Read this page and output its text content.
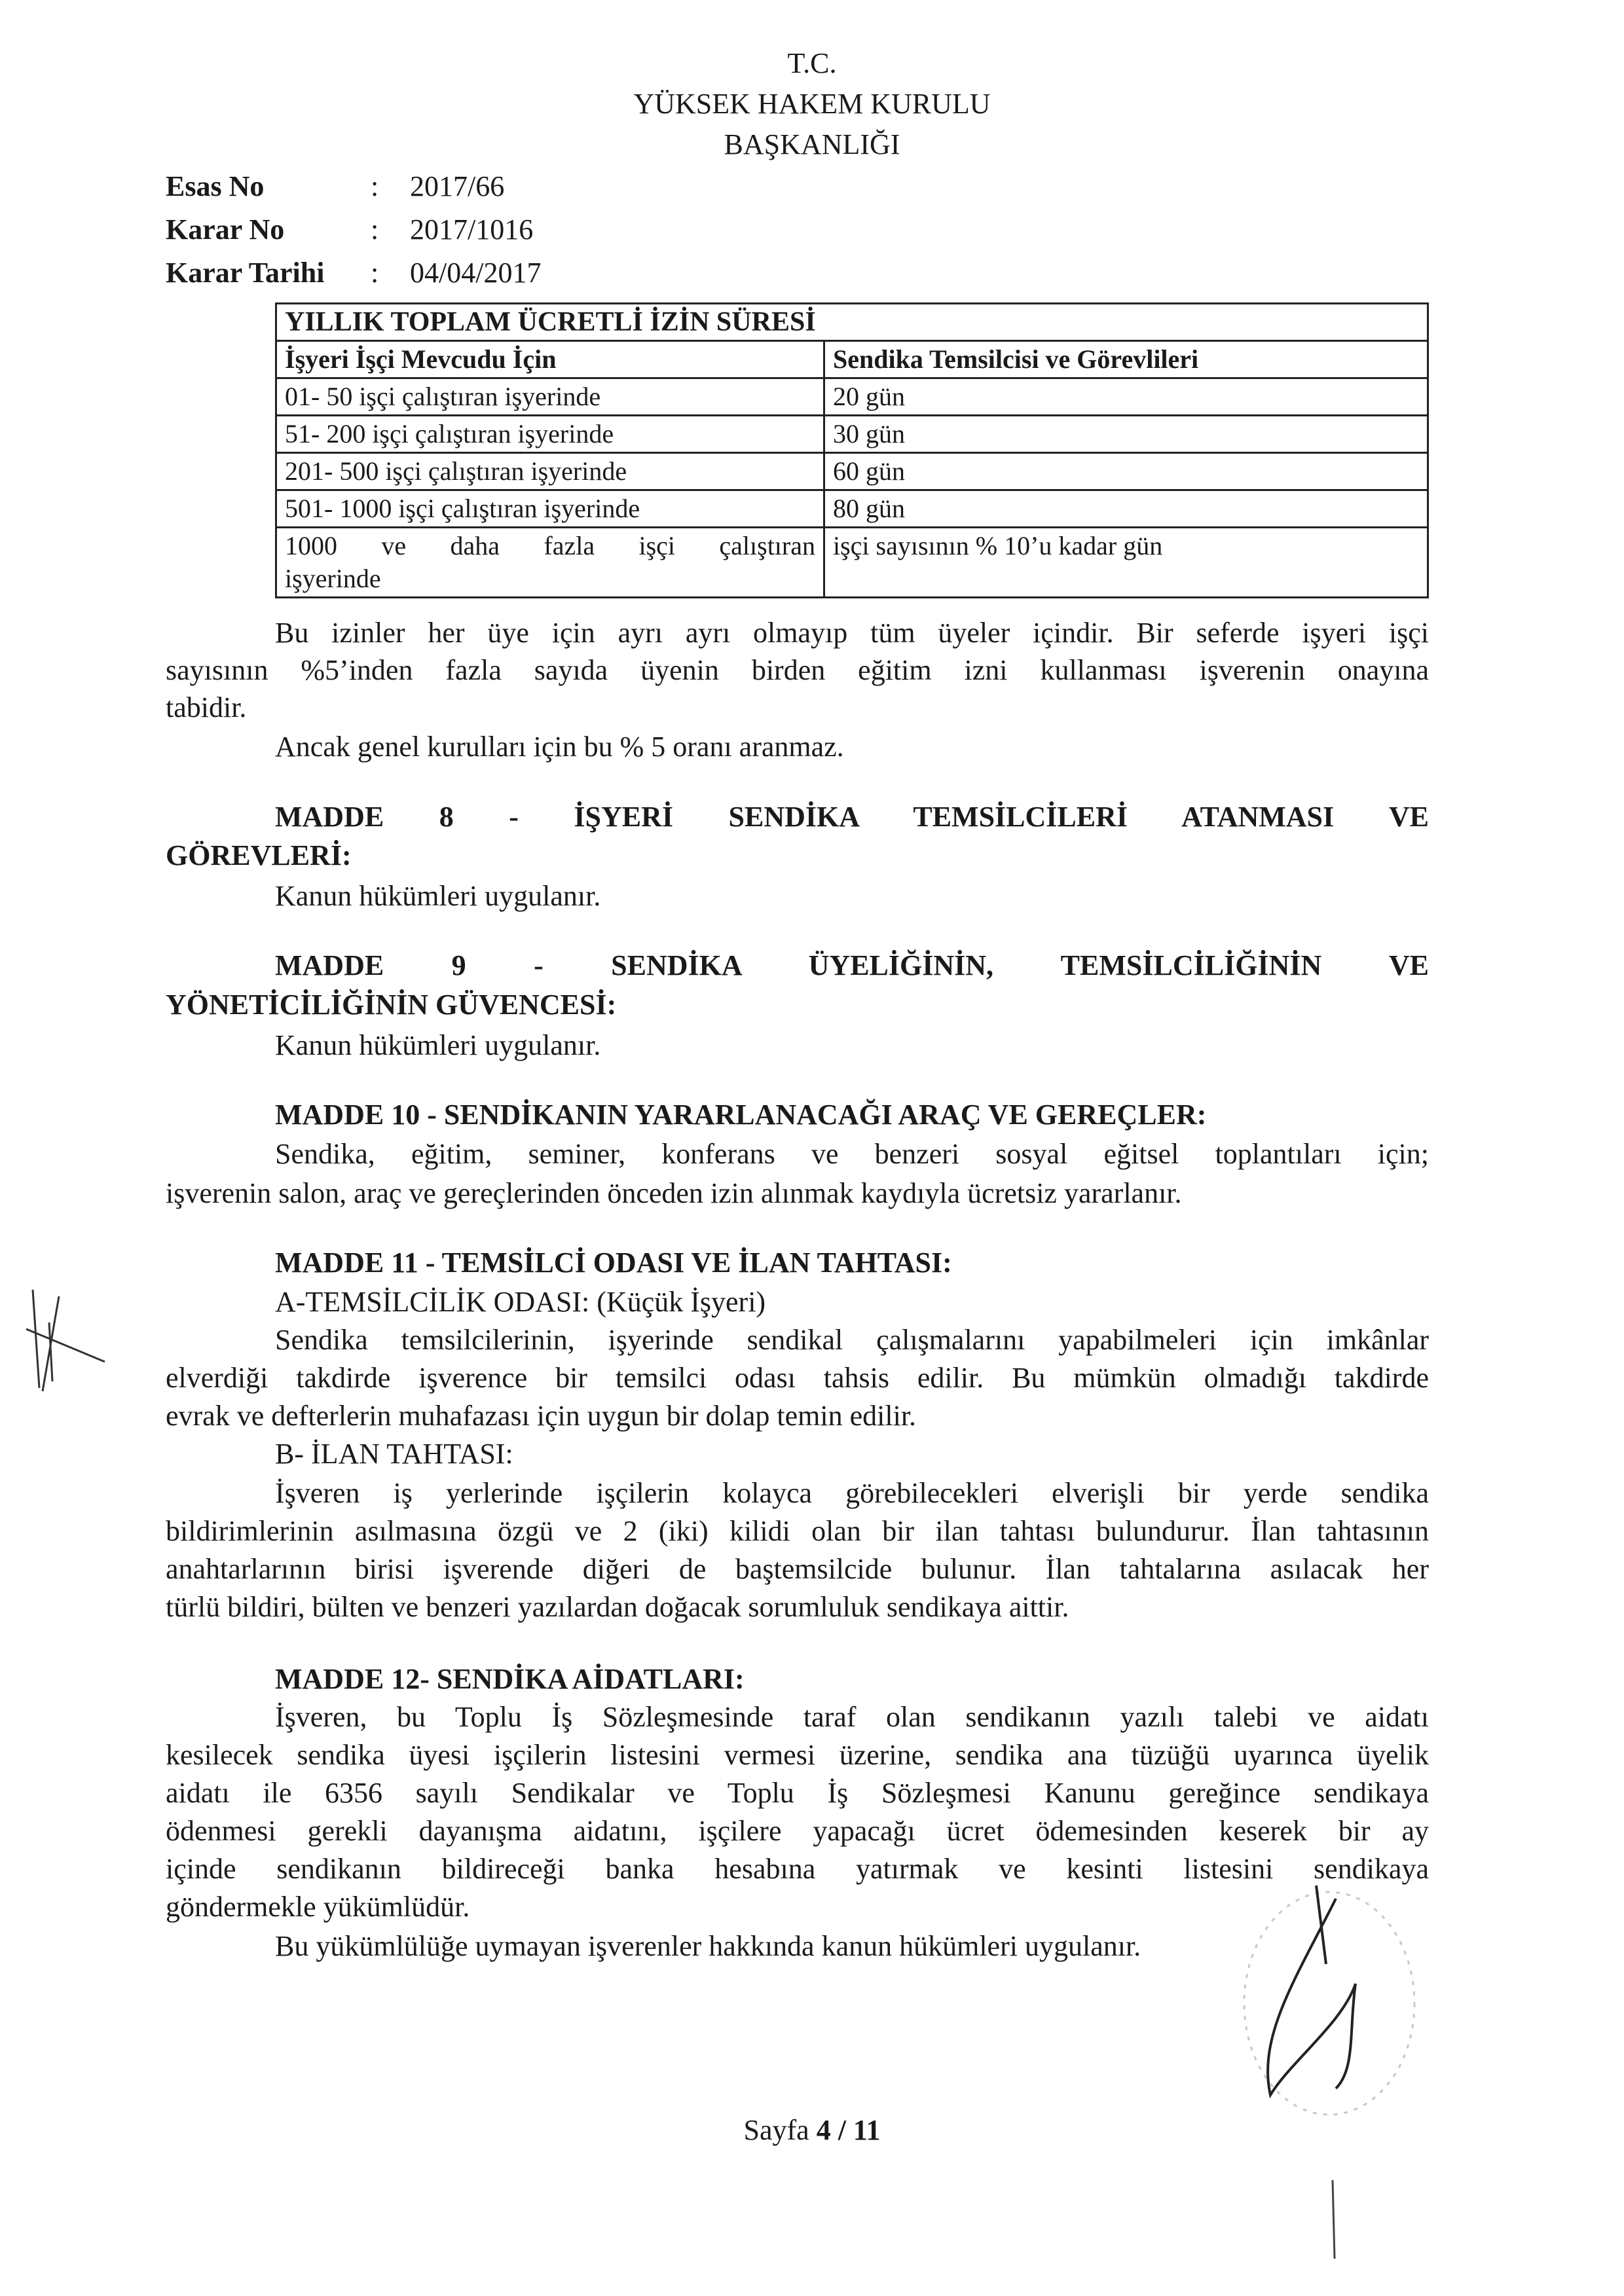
T.C.
YÜKSEK HAKEM KURULU
BAŞKANLIĞI
Esas No	:	2017/66
Karar No	:	2017/1016
Karar Tarihi	:	04/04/2017
YILLIK TOPLAM ÜCRETLİ İZİN SÜRESİ	
İşyeri İşçi Mevcudu İçin	Sendika Temsilcisi ve Görevlileri
01- 50 işçi çalıştıran işyerinde	20 gün
51- 200 işçi çalıştıran işyerinde	30 gün
201- 500 işçi çalıştıran işyerinde	60 gün
501- 1000 işçi çalıştıran işyerinde	80 gün

1000 ve daha fazla işçi çalıştıran
işyerinde	işçi sayısının % 10’u kadar gün
Bu izinler her üye için ayrı ayrı olmayıp tüm üyeler içindir. Bir seferde işyeri işçi
sayısının %5’inden fazla sayıda üyenin birden eğitim izni kullanması işverenin onayına
tabidir.
Ancak genel kurulları için bu % 5 oranı aranmaz.
MADDE 8 - İŞYERİ SENDİKA TEMSİLCİLERİ ATANMASI VE
GÖREVLERİ:
Kanun hükümleri uygulanır.
MADDE 9 - SENDİKA ÜYELİĞİNİN, TEMSİLCİLİĞİNİN VE
YÖNETİCİLİĞİNİN GÜVENCESİ:
Kanun hükümleri uygulanır.
MADDE 10 - SENDİKANIN YARARLANACAĞI ARAÇ VE GEREÇLER:
Sendika, eğitim, seminer, konferans ve benzeri sosyal eğitsel toplantıları için;
işverenin salon, araç ve gereçlerinden önceden izin alınmak kaydıyla ücretsiz yararlanır.
MADDE 11 - TEMSİLCİ ODASI VE İLAN TAHTASI:
A-TEMSİLCİLİK ODASI: (Küçük İşyeri)
Sendika temsilcilerinin, işyerinde sendikal çalışmalarını yapabilmeleri için imkânlar
elverdiği takdirde işverence bir temsilci odası tahsis edilir. Bu mümkün olmadığı takdirde
evrak ve defterlerin muhafazası için uygun bir dolap temin edilir.
B- İLAN TAHTASI:
İşveren iş yerlerinde işçilerin kolayca görebilecekleri elverişli bir yerde sendika
bildirimlerinin asılmasına özgü ve 2 (iki) kilidi olan bir ilan tahtası bulundurur. İlan tahtasının
anahtarlarının birisi işverende diğeri de baştemsilcide bulunur. İlan tahtalarına asılacak her
türlü bildiri, bülten ve benzeri yazılardan doğacak sorumluluk sendikaya aittir.
MADDE 12- SENDİKA AİDATLARI:
İşveren, bu Toplu İş Sözleşmesinde taraf olan sendikanın yazılı talebi ve aidatı
kesilecek sendika üyesi işçilerin listesini vermesi üzerine, sendika ana tüzüğü uyarınca üyelik
aidatı ile 6356 sayılı Sendikalar ve Toplu İş Sözleşmesi Kanunu gereğince sendikaya
ödenmesi gerekli dayanışma aidatını, işçilere yapacağı ücret ödemesinden keserek bir ay
içinde sendikanın bildireceği banka hesabına yatırmak ve kesinti listesini sendikaya
göndermekle yükümlüdür.
Bu yükümlülüğe uymayan işverenler hakkında kanun hükümleri uygulanır.
Sayfa 4 / 11
